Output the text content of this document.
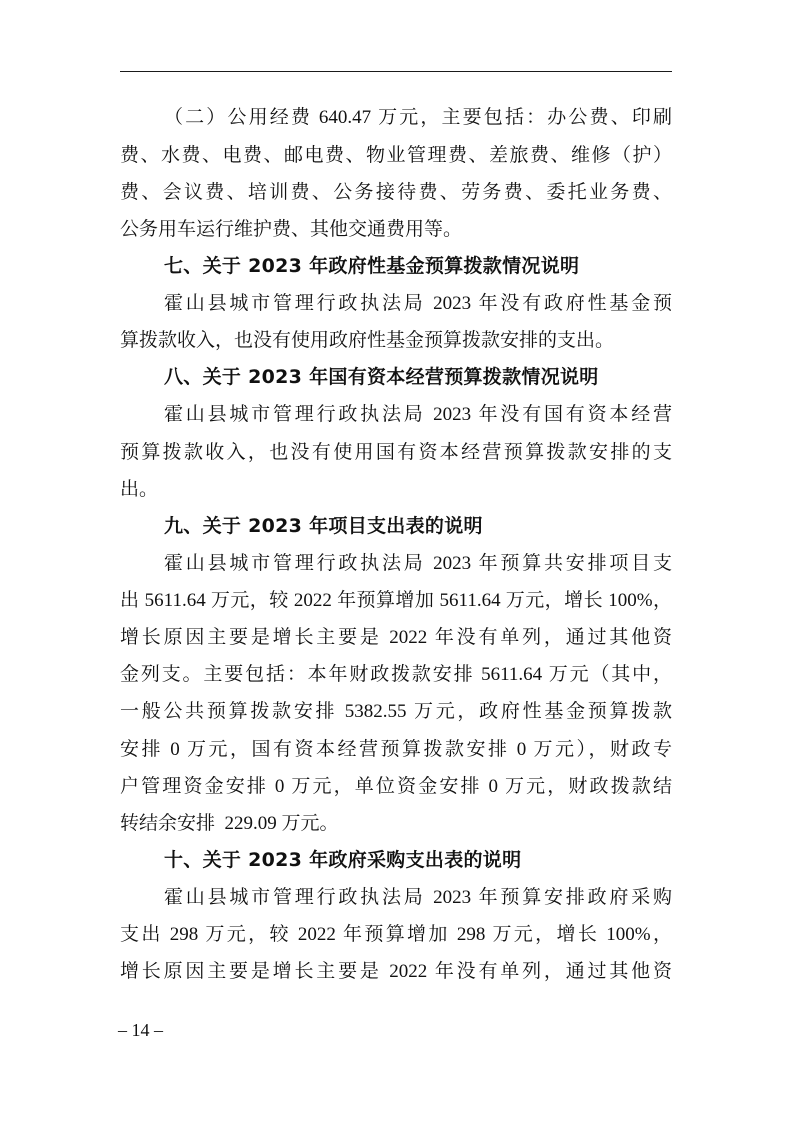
（二）公用经费 640.47 万元，主要包括：办公费、印刷
费、水费、电费、邮电费、物业管理费、差旅费、维修（护）
费、会议费、培训费、公务接待费、劳务费、委托业务费、
公务用车运行维护费、其他交通费用等。
七、关于 2023 年政府性基金预算拨款情况说明
霍山县城市管理行政执法局 2023 年没有政府性基金预
算拨款收入，也没有使用政府性基金预算拨款安排的支出。
八、关于 2023 年国有资本经营预算拨款情况说明
霍山县城市管理行政执法局 2023 年没有国有资本经营
预算拨款收入，也没有使用国有资本经营预算拨款安排的支
出。
九、关于 2023 年项目支出表的说明
霍山县城市管理行政执法局 2023 年预算共安排项目支
出 5611.64 万元，较 2022 年预算增加 5611.64 万元，增长 100%，
增长原因主要是增长主要是 2022 年没有单列，通过其他资
金列支。主要包括：本年财政拨款安排 5611.64 万元（其中，
一般公共预算拨款安排 5382.55 万元，政府性基金预算拨款
安排 0 万元，国有资本经营预算拨款安排 0 万元），财政专
户管理资金安排 0 万元，单位资金安排 0 万元，财政拨款结
转结余安排  229.09 万元。
十、关于 2023 年政府采购支出表的说明
霍山县城市管理行政执法局 2023 年预算安排政府采购
支出 298 万元，较 2022 年预算增加 298 万元，增长 100%，
增长原因主要是增长主要是 2022 年没有单列，通过其他资
– 14 –
